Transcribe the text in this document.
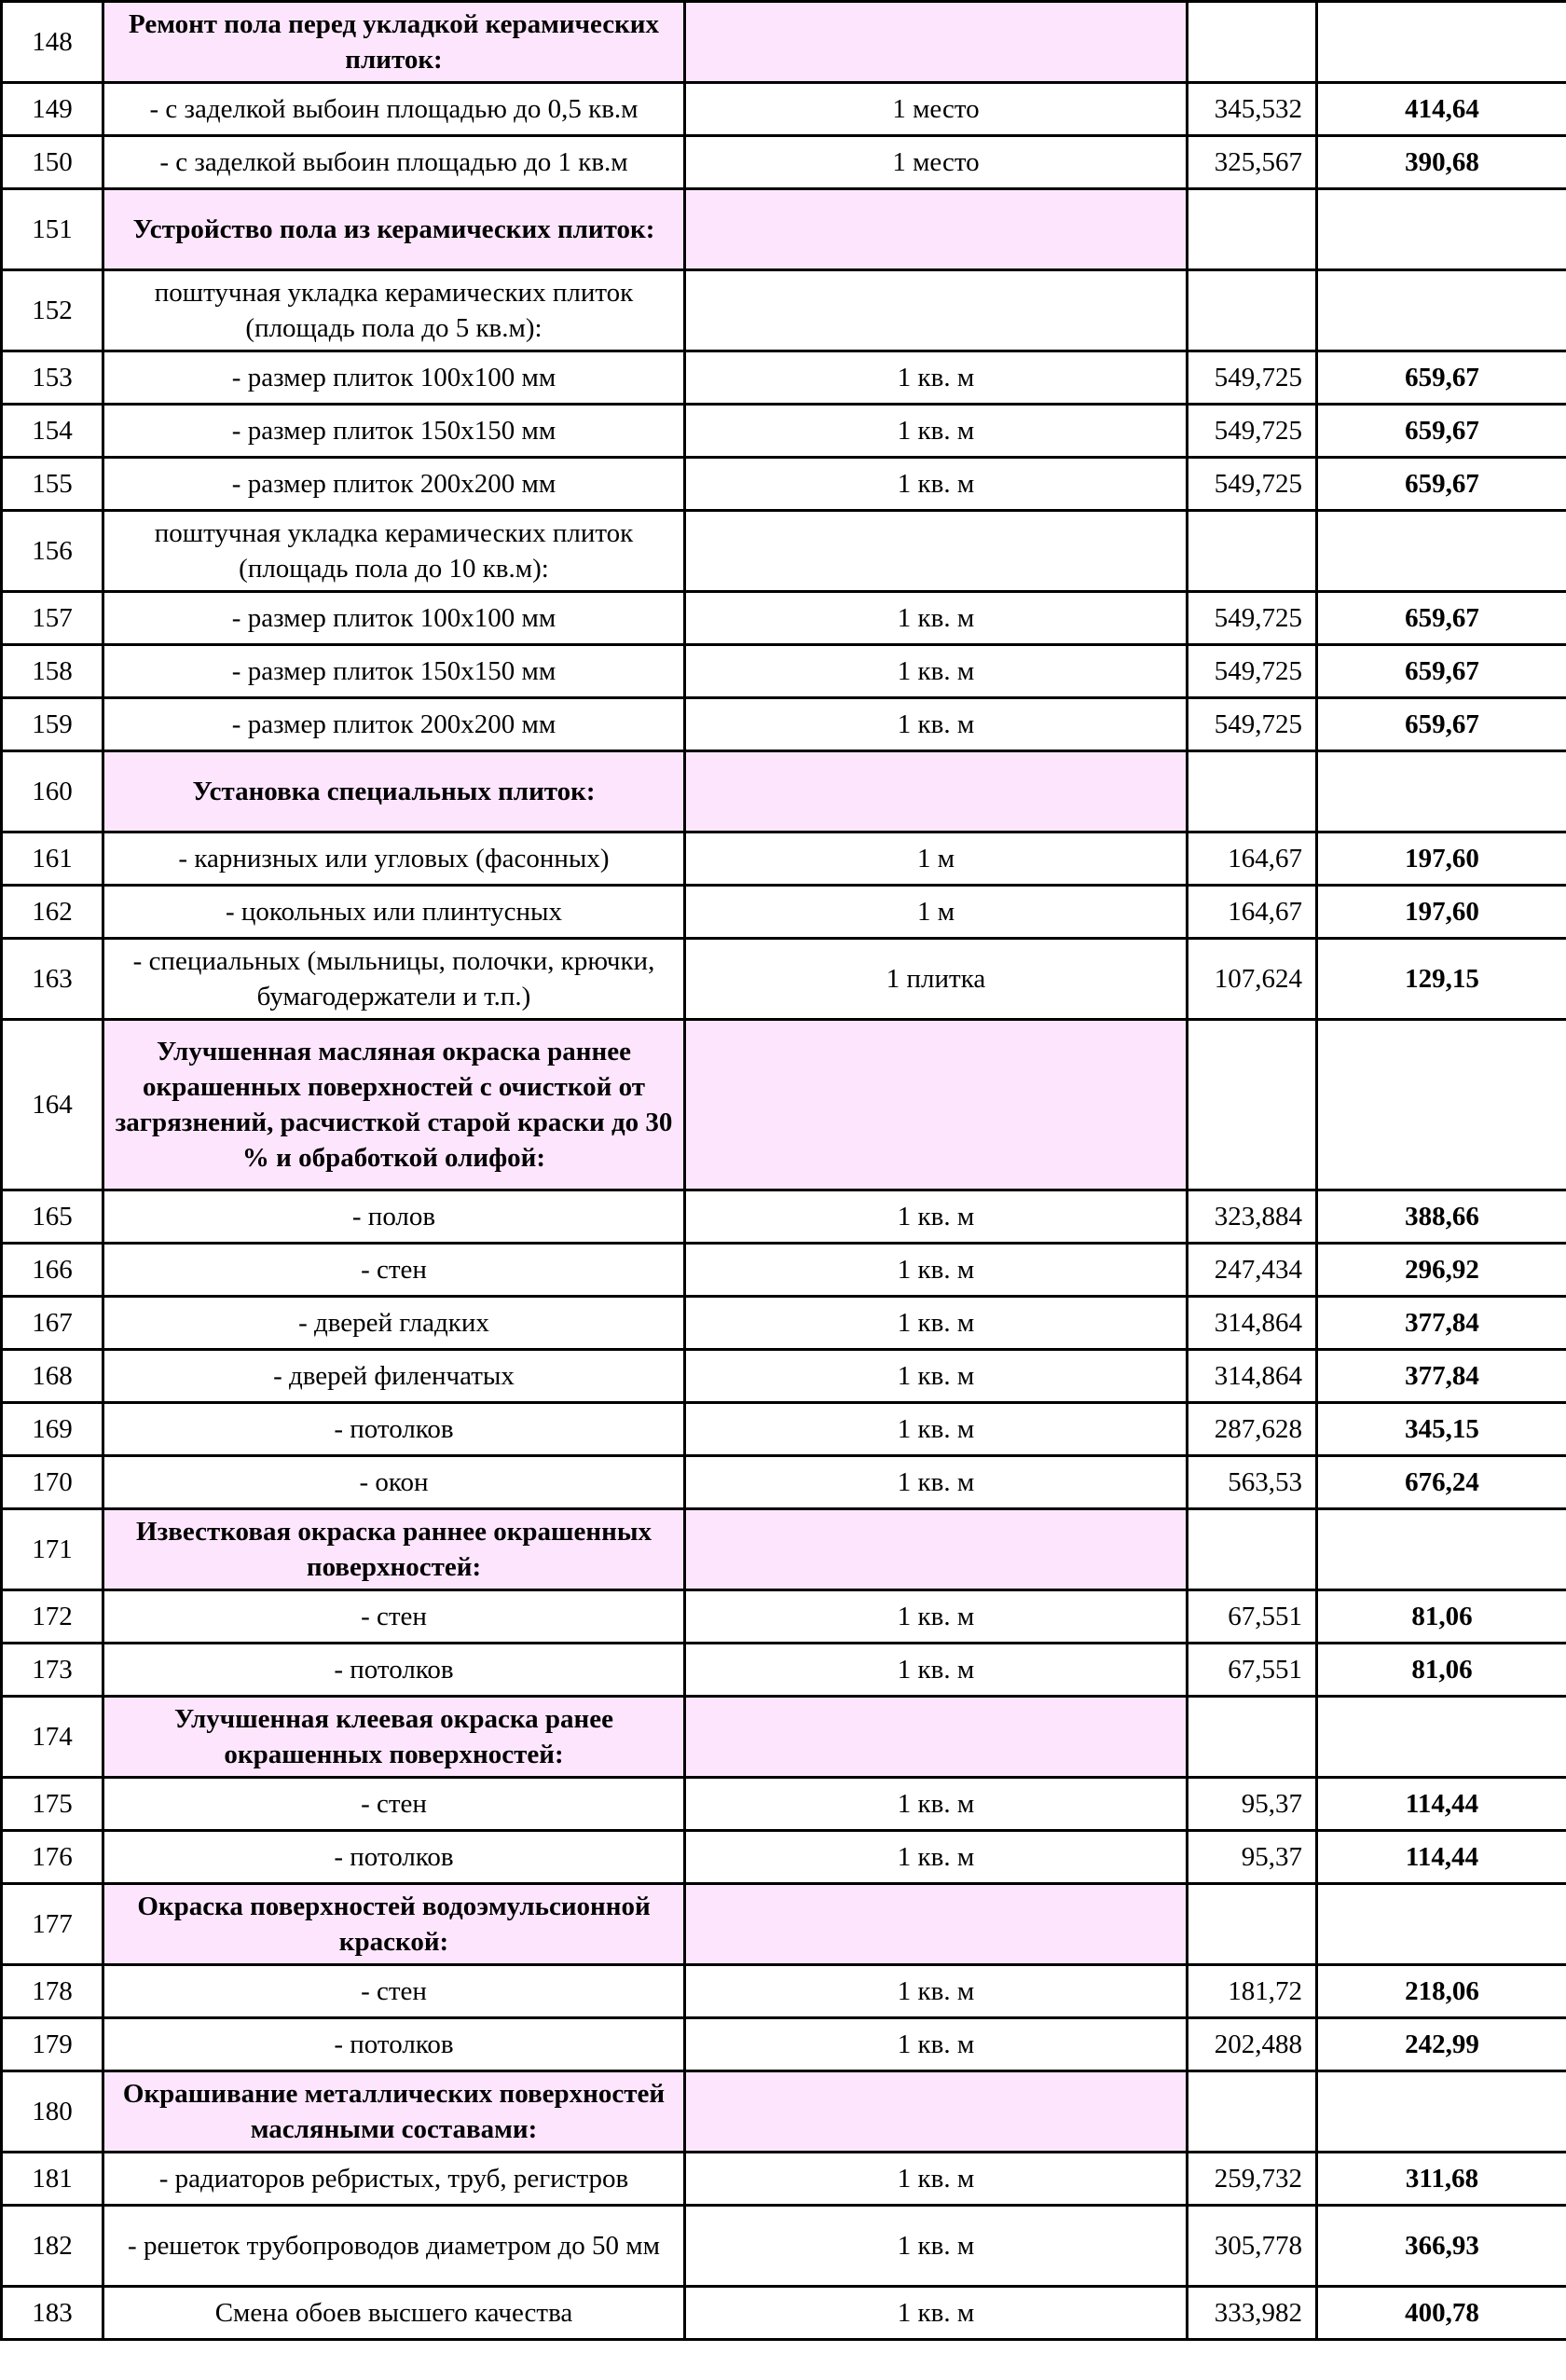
148	Ремонт пола перед укладкой керамических плиток:			
149	- с заделкой выбоин площадью до 0,5 кв.м	1 место	345,532	414,64
150	- с заделкой выбоин площадью до 1 кв.м	1 место	325,567	390,68
151	Устройство пола из керамических плиток:			
152	поштучная укладка керамических плиток (площадь пола до 5 кв.м):			
153	- размер плиток 100х100 мм	1 кв. м	549,725	659,67
154	- размер плиток 150х150 мм	1 кв. м	549,725	659,67
155	- размер плиток 200х200 мм	1 кв. м	549,725	659,67
156	поштучная укладка керамических плиток (площадь пола до 10 кв.м):			
157	- размер плиток 100х100 мм	1 кв. м	549,725	659,67
158	- размер плиток 150х150 мм	1 кв. м	549,725	659,67
159	- размер плиток 200х200 мм	1 кв. м	549,725	659,67
160	Установка специальных плиток:			
161	- карнизных или угловых (фасонных)	1 м	164,67	197,60
162	- цокольных или плинтусных	1 м	164,67	197,60
163	- специальных (мыльницы, полочки, крючки, бумагодержатели и т.п.)	1 плитка	107,624	129,15
164	Улучшенная масляная окраска раннее окрашенных поверхностей с очисткой от загрязнений, расчисткой старой краски до 30 % и обработкой олифой:			
165	- полов	1 кв. м	323,884	388,66
166	- стен	1 кв. м	247,434	296,92
167	- дверей гладких	1 кв. м	314,864	377,84
168	- дверей филенчатых	1 кв. м	314,864	377,84
169	- потолков	1 кв. м	287,628	345,15
170	- окон	1 кв. м	563,53	676,24
171	Известковая окраска раннее окрашенных поверхностей:			
172	- стен	1 кв. м	67,551	81,06
173	- потолков	1 кв. м	67,551	81,06
174	Улучшенная клеевая окраска ранее окрашенных поверхностей:			
175	- стен	1 кв. м	95,37	114,44
176	- потолков	1 кв. м	95,37	114,44
177	Окраска поверхностей водоэмульсионной краской:			
178	- стен	1 кв. м	181,72	218,06
179	- потолков	1 кв. м	202,488	242,99
180	Окрашивание металлических поверхностей масляными составами:			
181	- радиаторов ребристых, труб, регистров	1 кв. м	259,732	311,68
182	- решеток трубопроводов диаметром до 50 мм	1 кв. м	305,778	366,93
183	Смена обоев высшего качества	1 кв. м	333,982	400,78
